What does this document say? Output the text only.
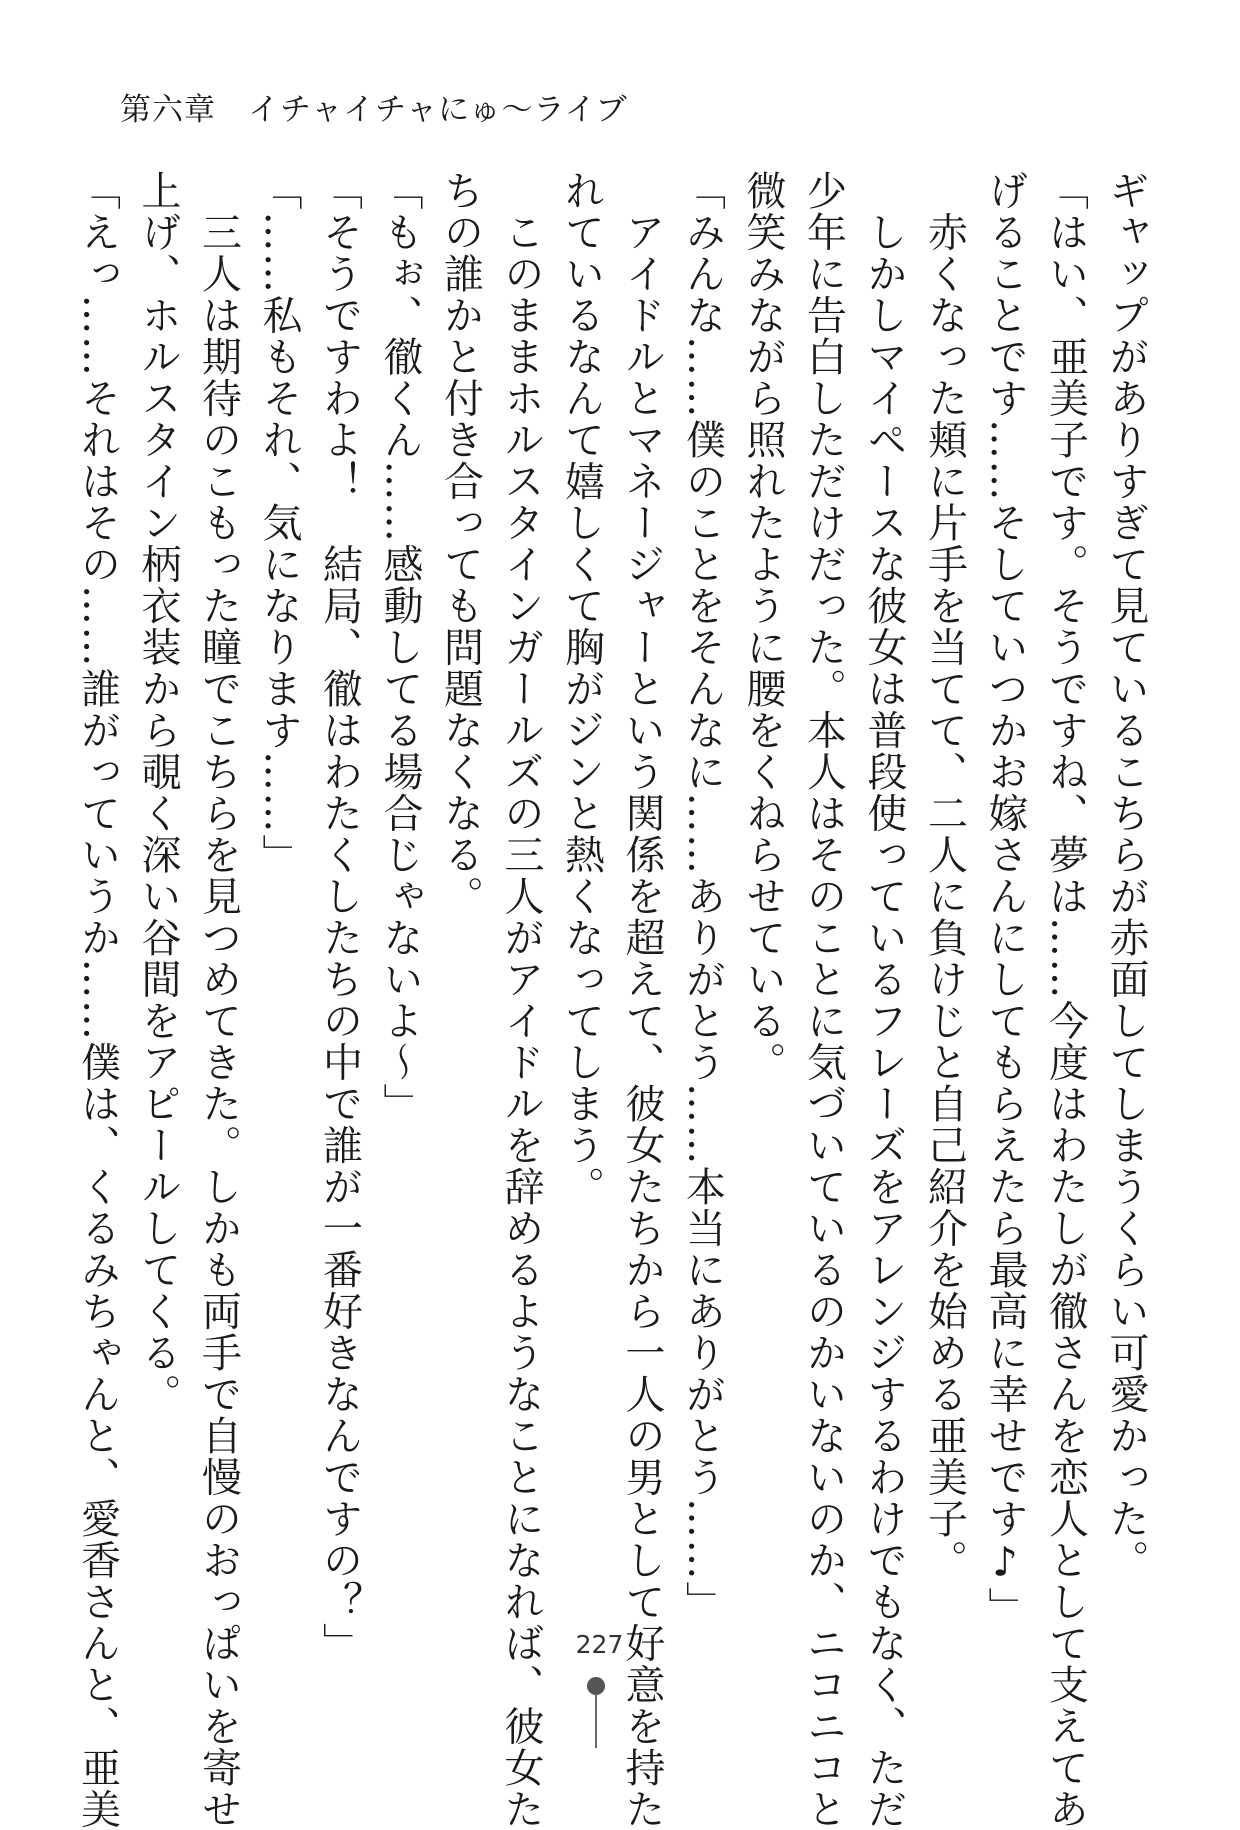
第六章　イチャイチャにゅ〜ライブ
ギャップがありすぎて見ているこちらが赤面してしまうくらい可愛かった。
「はい、亜美子です。そうですね、夢は……今度はわたしが徹さんを恋人として支えてあ
げることです……そしていつかお嫁さんにしてもらえたら最高に幸せです♪」
　赤くなった頬に片手を当てて、二人に負けじと自己紹介を始める亜美子。
　しかしマイペースな彼女は普段使っているフレーズをアレンジするわけでもなく、ただ
少年に告白しただけだった。本人はそのことに気づいているのかいないのか、ニコニコと
微笑みながら照れたように腰をくねらせている。
「みんな……僕のことをそんなに……ありがとう……本当にありがとう……」
　アイドルとマネージャーという関係を超えて、彼女たちから一人の男として好意を持た
れているなんて嬉しくて胸がジンと熱くなってしまう。
　このままホルスタインガールズの三人がアイドルを辞めるようなことになれば、彼女た
ちの誰かと付き合っても問題なくなる。
「もぉ、徹くん……感動してる場合じゃないよ〜」
「そうですわよ！　結局、徹はわたくしたちの中で誰が一番好きなんですの？」
「……私もそれ、気になります……」
　三人は期待のこもった瞳でこちらを見つめてきた。しかも両手で自慢のおっぱいを寄せ
上げ、ホルスタイン柄衣装から覗く深い谷間をアピールしてくる。
「えっ……それはその……誰がっていうか……僕は、くるみちゃんと、愛香さんと、亜美	227
